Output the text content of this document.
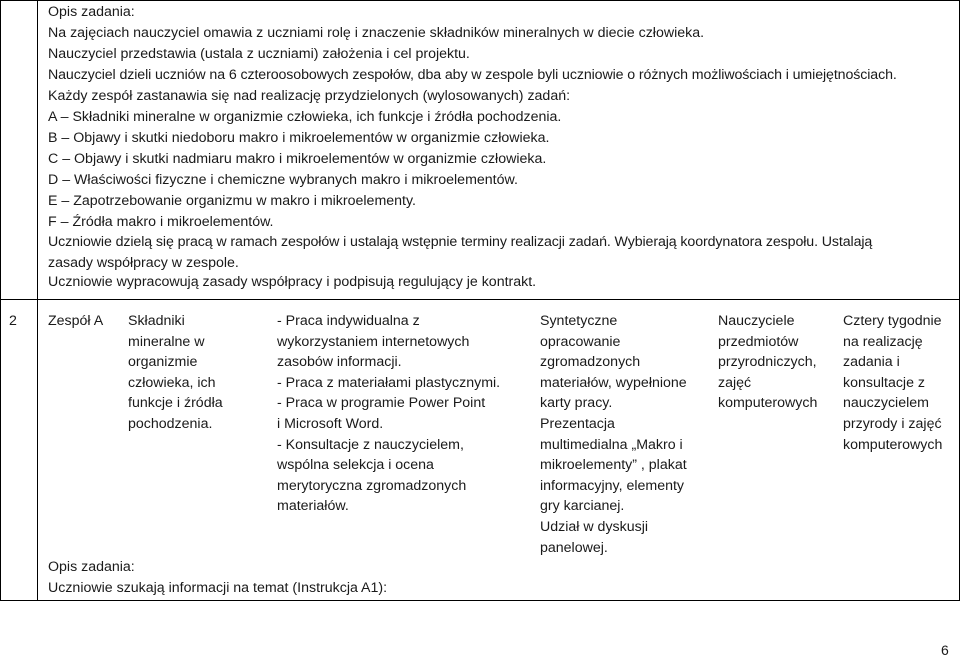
Opis zadania:
Na zajęciach nauczyciel omawia z uczniami rolę i znaczenie składników mineralnych w diecie człowieka.
Nauczyciel przedstawia (ustala z uczniami) założenia i cel projektu.
Nauczyciel dzieli uczniów na 6 czteroosobowych zespołów, dba aby w zespole byli uczniowie o różnych możliwościach i umiejętnościach.
Każdy zespół zastanawia się nad realizację przydzielonych (wylosowanych) zadań:
A – Składniki mineralne w organizmie człowieka, ich funkcje i źródła pochodzenia.
B – Objawy i skutki niedoboru makro i mikroelementów w organizmie człowieka.
C – Objawy i skutki nadmiaru makro i mikroelementów w organizmie człowieka.
D – Właściwości fizyczne i chemiczne wybranych makro i mikroelementów.
E – Zapotrzebowanie organizmu w makro i mikroelementy.
F – Źródła makro i mikroelementów.
Uczniowie dzielą się pracą w ramach zespołów i ustalają wstępnie terminy realizacji zadań. Wybierają koordynatora zespołu. Ustalają
zasady współpracy w zespole.
Uczniowie wypracowują zasady współpracy i podpisują regulujący je kontrakt.
2 Zespół A Składniki
mineralne w
organizmie
człowieka, ich
funkcje i źródła
pochodzenia.
- Praca indywidualna z
wykorzystaniem internetowych
zasobów informacji.
- Praca z materiałami plastycznymi.
- Praca w programie Power Point
i Microsoft Word.
- Konsultacje z nauczycielem,
wspólna selekcja i ocena
merytoryczna zgromadzonych
materiałów.
Syntetyczne
opracowanie
zgromadzonych
materiałów, wypełnione
karty pracy.
Prezentacja
multimedialna „Makro i
mikroelementy” , plakat
informacyjny, elementy
gry karcianej.
Udział w dyskusji
panelowej.
Nauczyciele
przedmiotów
przyrodniczych,
zajęć
komputerowych
Cztery tygodnie
na realizację
zadania i
konsultacje z
nauczycielem
przyrody i zajęć
komputerowych
Opis zadania:
Uczniowie szukają informacji na temat (Instrukcja A1):
6
